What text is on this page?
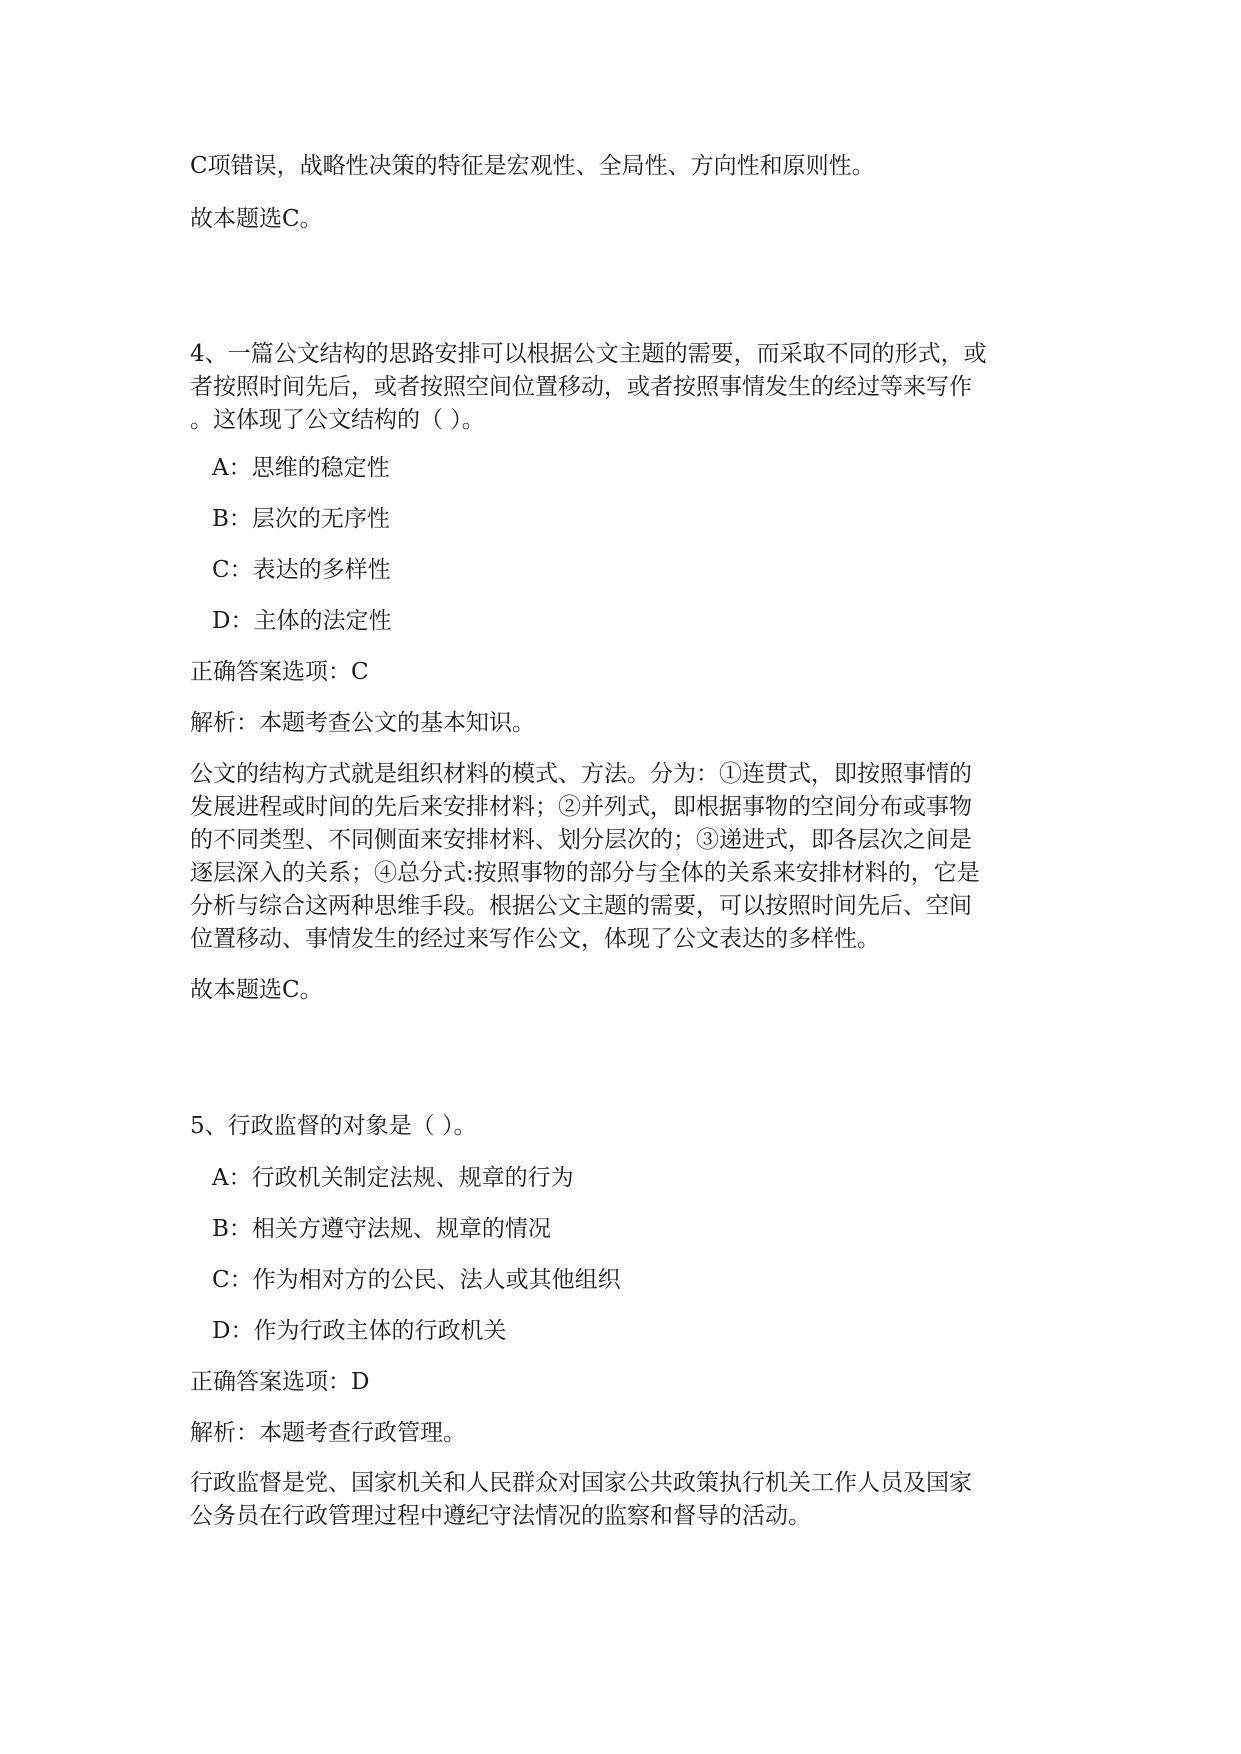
C项错误，战略性决策的特征是宏观性、全局性、方向性和原则性。
故本题选C。
4、一篇公文结构的思路安排可以根据公文主题的需要，而采取不同的形式，或
者按照时间先后，或者按照空间位置移动，或者按照事情发生的经过等来写作
。这体现了公文结构的（ ）。
A：思维的稳定性
B：层次的无序性
C：表达的多样性
D：主体的法定性
正确答案选项：C
解析：本题考查公文的基本知识。
公文的结构方式就是组织材料的模式、方法。分为：①连贯式，即按照事情的
发展进程或时间的先后来安排材料；②并列式，即根据事物的空间分布或事物
的不同类型、不同侧面来安排材料、划分层次的；③递进式，即各层次之间是
逐层深入的关系；④总分式:按照事物的部分与全体的关系来安排材料的，它是
分析与综合这两种思维手段。根据公文主题的需要，可以按照时间先后、空间
位置移动、事情发生的经过来写作公文，体现了公文表达的多样性。
故本题选C。
5、行政监督的对象是（ ）。
A：行政机关制定法规、规章的行为
B：相关方遵守法规、规章的情况
C：作为相对方的公民、法人或其他组织
D：作为行政主体的行政机关
正确答案选项：D
解析：本题考查行政管理。
行政监督是党、国家机关和人民群众对国家公共政策执行机关工作人员及国家
公务员在行政管理过程中遵纪守法情况的监察和督导的活动。
